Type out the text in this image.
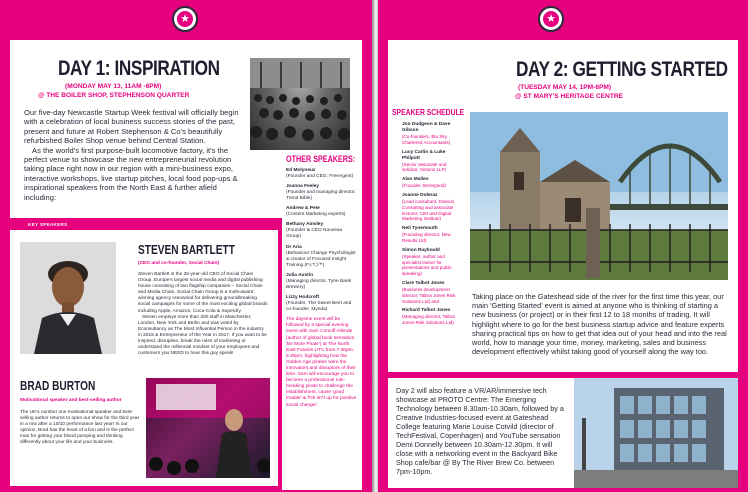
★
DAY 1: INSPIRATION
(MONDAY MAY 13, 11AM -6PM)
@ THE BOILER SHOP, STEPHENSON QUARTER
Our five-day Newcastle Startup Week festival will officially begin with a celebration of local business success stories of the past, present and future at Robert Stephenson & Co's beautifully refurbished Boiler Shop venue behind Central Station.
As the world's first purpose-built locomotive factory, it's the perfect venue to showcase the new entrepreneurial revolution taking place right now in our region with a mini-business expo, interactive workshops, live startup pitches, local food pop-ups & inspirational speakers from the North East & further afield including:
OTHER SPEAKERS:
Ed Molyneux
(Founder and CEO, FreeAgent)
Joanna Feeley
(Founder and managing director, Trend Bible)
Andrew & Pete
(Content Marketing experts)
Bethany Ainsley
(Founder & CEO Nouveau Group)
Dr Aria
(Behaviour Change Psychologist & creator of Focused Insight Training (F.I.T.)™)
Julia Austin
(Managing director, Tyne Bank Brewery)
Lizzy Hodcroft
(Founder, The Sweet Beet and co-founder, Mynda)
The daytime event will be followed by a special evening event with Sam Conniff Allende (author of global book sensation 'Be More Pirate') at The North East Futures UTC from 7.30pm-9.30pm, highlighting how the Golden Age pirates were the innovators and disruptors of their time. Sam will encourage you to become a professional rule-breaking pirate to challenge the establishment, cause 'good trouble' & f*ck sh*t up for positive social change!
KEY SPEAKERS
STEVEN BARTLETT
(CEO and co-founder, Social Chain)
Steven Bartlett is the 26-year-old CEO of Social Chain Group. Europe's largest social media and digital publishing house consisting of two flagship companies – Social Chain and Media Chain. Social Chain Group is a multi-award winning agency renowned for delivering groundbreaking social campaigns for some of the most exciting global brands including Apple, Amazon, Coca-Cola & Superdry.
Steven employs more than 200 staff in Manchester, London, New York and Berlin and was voted by Econsultancy as The Most Influential Person in the industry in 2018 & Entrepreneur of the Year in 2017. If you want to be inspired, disruptive, break the rules of marketing or understand the millennial mindset of your employees and customers you NEED to hear this guy speak!
BRAD BURTON
Motivational speaker and best-selling author
The UK's number one motivational speaker and best-selling author returns to open our show for the third year in a row after a 10/10 performance last year! In our opinion, Brad has the heart of a lion and is the perfect man for getting your blood pumping and thinking differently about your life and your business.
★
DAY 2: GETTING STARTED
(TUESDAY MAY 14, 1PM-6PM)
@ ST MARY'S HERITAGE CENTRE
SPEAKER SCHEDULE
Jon Dudgeon & Dave Gibson
(Co-founders, Blu Sky Chartered Accountants)
Lucy Carlin & Luke Philpott
(Senior associate and solicitor, Sintons LLP)
Alan Malleo
(Founder, Breergood)
Joanne Doleraz
(Lead consultant, Dolecal Consulting and associate lecturer, CIM and Digital Marketing Institute)
Neil Tynemouth
(Founding director, New Results Ltd)
Simon Raybould
(Speaker, author and specialist trainer for presentations and public speaking)
Clare Talbot Jones
(Business development director, Talbot Jones Risk Solutions Ltd) and
Richard Talbot Jones
(Managing director, Talbot Jones Risk Solutions Ltd)
Taking place on the Gateshead side of the river for the first time this year, our main 'Getting Started' event is aimed at anyone who is thinking of starting a new business (or project) or in their first 12 to 18 months of trading. It will highlight where to go for the best business startup advice and feature experts sharing practical tips on how to get that idea out of your head and into the real world, how to manage your time, money, marketing, sales and business development effectively whilst taking good of yourself along the way too.
Day 2 will also feature a VR/AR/immersive tech showcase at PROTO Centre: The Emerging Technology between 8.30am-10.30am, followed by a Creative Industries-focused event at Gateshead College featuring Marie Louise Cotvild (director of TechFestival, Copenhagen) and YouTube sensation Demi Donnelly between 10.30am-12.30pm. It will close with a networking event in the Backyard Bike Shop cafe/bar @ By The River Brew Co. between 7pm-10pm.
